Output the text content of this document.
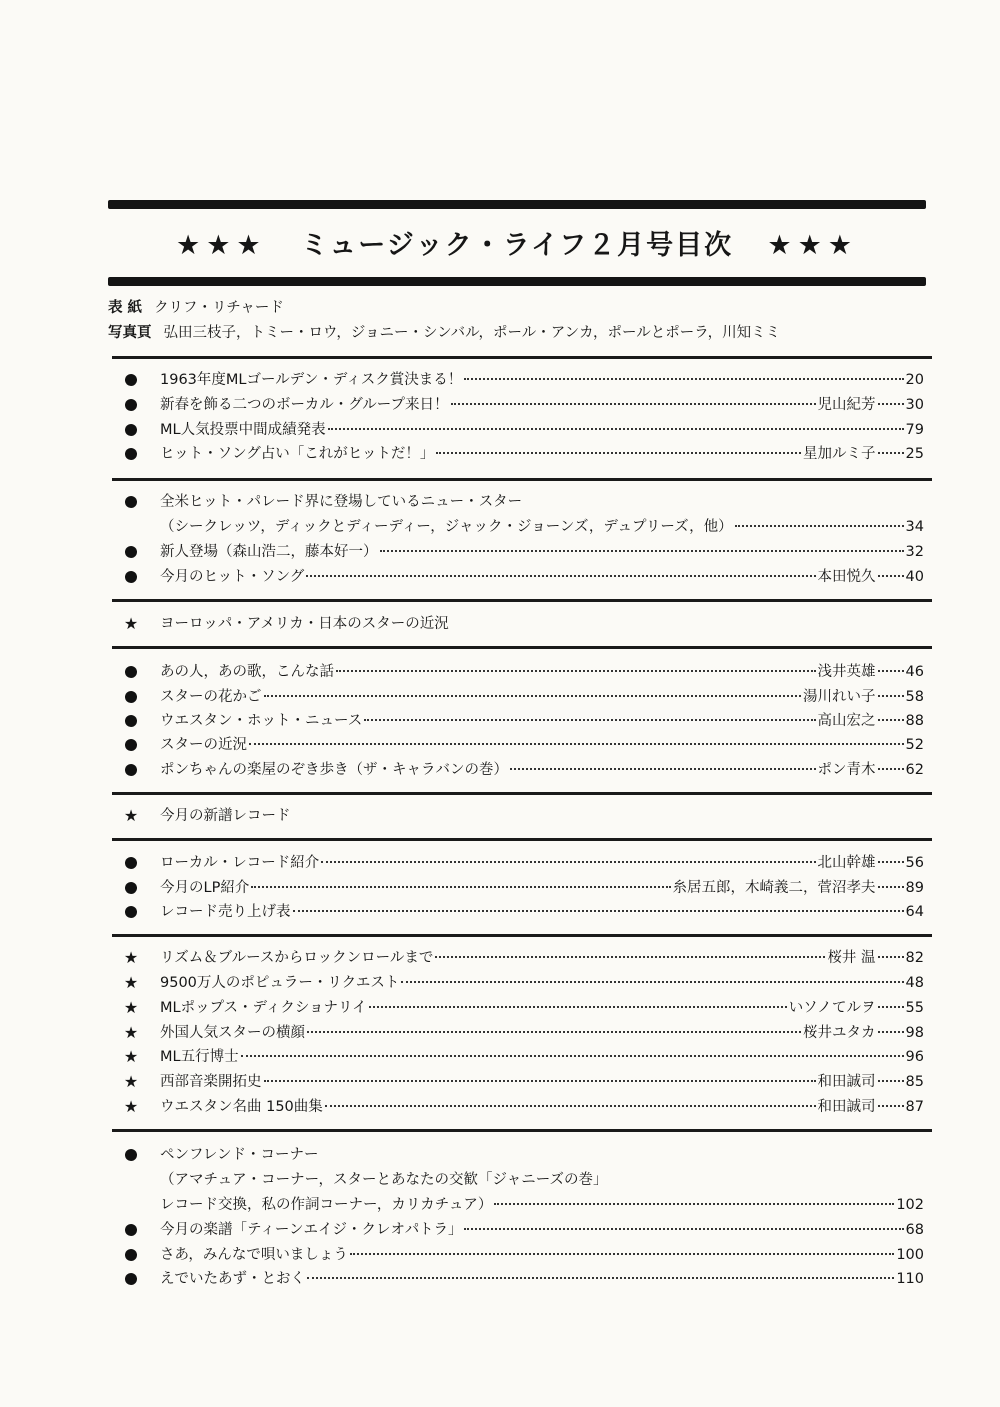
★★★ ミュージック・ライフ２月号目次 ★★★
表 紙 クリフ・リチャード
写真頁 弘田三枝子，トミー・ロウ，ジョニー・シンバル，ポール・アンカ，ポールとポーラ，川知ミミ
1963年度MLゴールデン・ディスク賞決まる！	20
新春を飾る二つのボーカル・グループ来日！	児山紀芳 30
ML人気投票中間成績発表	79
ヒット・ソング占い「これがヒットだ！」	星加ルミ子 25
全米ヒット・パレード界に登場しているニュー・スター
（シークレッツ，ディックとディーディー，ジャック・ジョーンズ，デュプリーズ，他）	34
新人登場（森山浩二，藤本好一）	32
今月のヒット・ソング	本田悦久 40
★ ヨーロッパ・アメリカ・日本のスターの近況
あの人，あの歌，こんな話	浅井英雄 46
スターの花かご	湯川れい子 58
ウエスタン・ホット・ニュース	高山宏之 88
スターの近況	52
ポンちゃんの楽屋のぞき歩き（ザ・キャラバンの巻）	ポン青木 62
★ 今月の新譜レコード
ローカル・レコード紹介	北山幹雄 56
今月のLP紹介	糸居五郎，木崎義二，菅沼孝夫 89
レコード売り上げ表	64
★ リズム＆ブルースからロックンロールまで	桜井 温 82
★ 9500万人のポピュラー・リクエスト	48
★ MLポップス・ディクショナリイ	いソノてルヲ 55
★ 外国人気スターの横顔	桜井ユタカ 98
★ ML五行博士	96
★ 西部音楽開拓史	和田誠司 85
★ ウエスタン名曲 150曲集	和田誠司 87
ペンフレンド・コーナー
（アマチュア・コーナー，スターとあなたの交歓「ジャニーズの巻」
レコード交換，私の作詞コーナー，カリカチュア）	102
今月の楽譜「ティーンエイジ・クレオパトラ」	68
さあ，みんなで唄いましょう	100
えでいたあず・とおく	110
